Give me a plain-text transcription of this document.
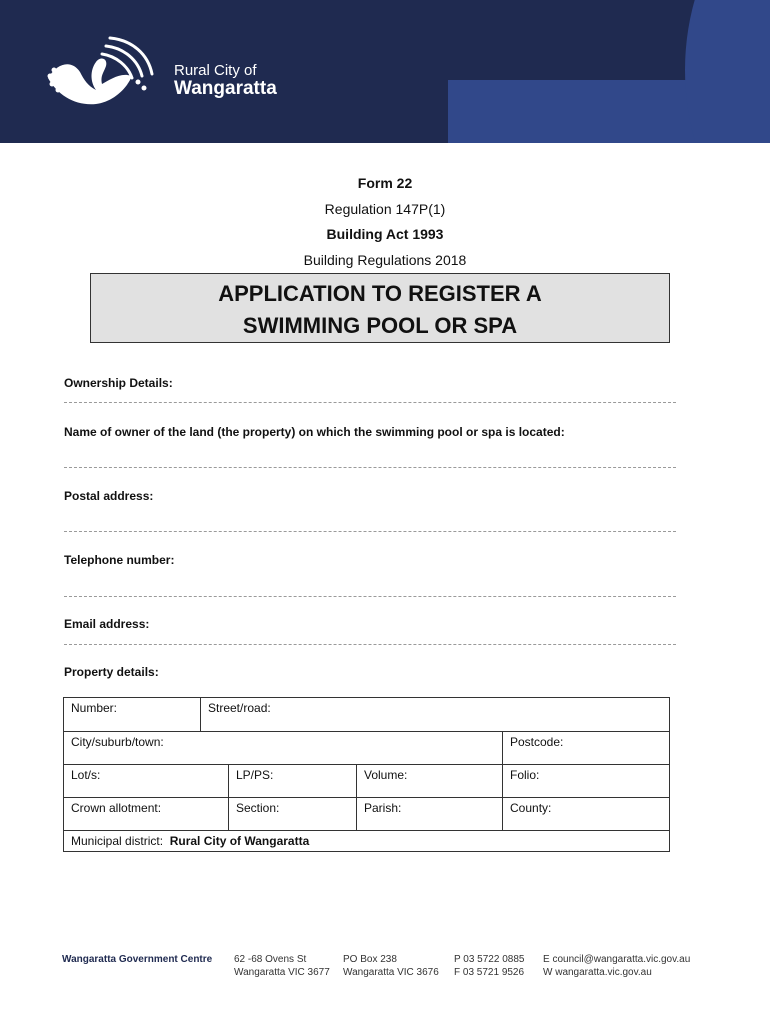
Rural City of
Wangaratta
Form 22
Regulation 147P(1)
Building Act 1993
Building Regulations 2018
APPLICATION TO REGISTER A
SWIMMING POOL OR SPA
Ownership Details:
Name of owner of the land (the property) on which the swimming pool or spa is located:
Postal address:
Telephone number:
Email address:
Property details:
Number:	Street/road:			
City/suburb/town:				Postcode:
Lot/s:		LP/PS:	Volume:	Folio:
Crown allotment:		Section:	Parish:	County:
Municipal district: Rural City of Wangaratta				
Wangaratta Government Centre 62 -68 Ovens St
Wangaratta VIC 3677
PO Box 238
Wangaratta VIC 3676
P 03 5722 0885
F 03 5721 9526
E council@wangaratta.vic.gov.au
W wangaratta.vic.gov.au
